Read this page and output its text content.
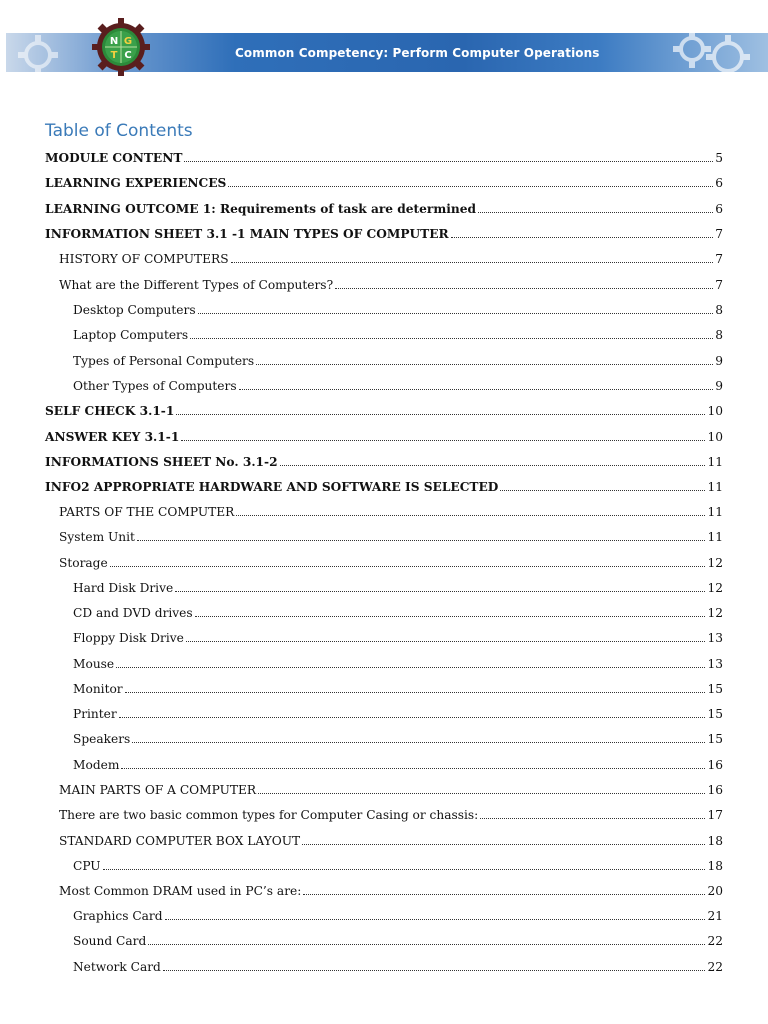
Common Competency: Perform Computer Operations
N G
T C
Table of Contents
MODULE CONTENT	5
LEARNING EXPERIENCES	6
LEARNING OUTCOME 1: Requirements of task are determined	6
INFORMATION SHEET 3.1 -1 MAIN TYPES OF COMPUTER	7
HISTORY OF COMPUTERS	7
What are the Different Types of Computers?	7
Desktop Computers	8
Laptop Computers	8
Types of Personal Computers	9
Other Types of Computers	9
SELF CHECK 3.1-1	10
ANSWER KEY 3.1-1	10
INFORMATIONS SHEET No. 3.1-2	11
INFO2 APPROPRIATE HARDWARE AND SOFTWARE IS SELECTED	11
PARTS OF THE COMPUTER	11
System Unit	11
Storage	12
Hard Disk Drive	12
CD and DVD drives	12
Floppy Disk Drive	13
Mouse	13
Monitor	15
Printer	15
Speakers	15
Modem	16
MAIN PARTS OF A COMPUTER	16
There are two basic common types for Computer Casing or chassis:	17
STANDARD COMPUTER BOX LAYOUT	18
CPU	18
Most Common DRAM used in PC’s are:	20
Graphics Card	21
Sound Card	22
Network Card	22
